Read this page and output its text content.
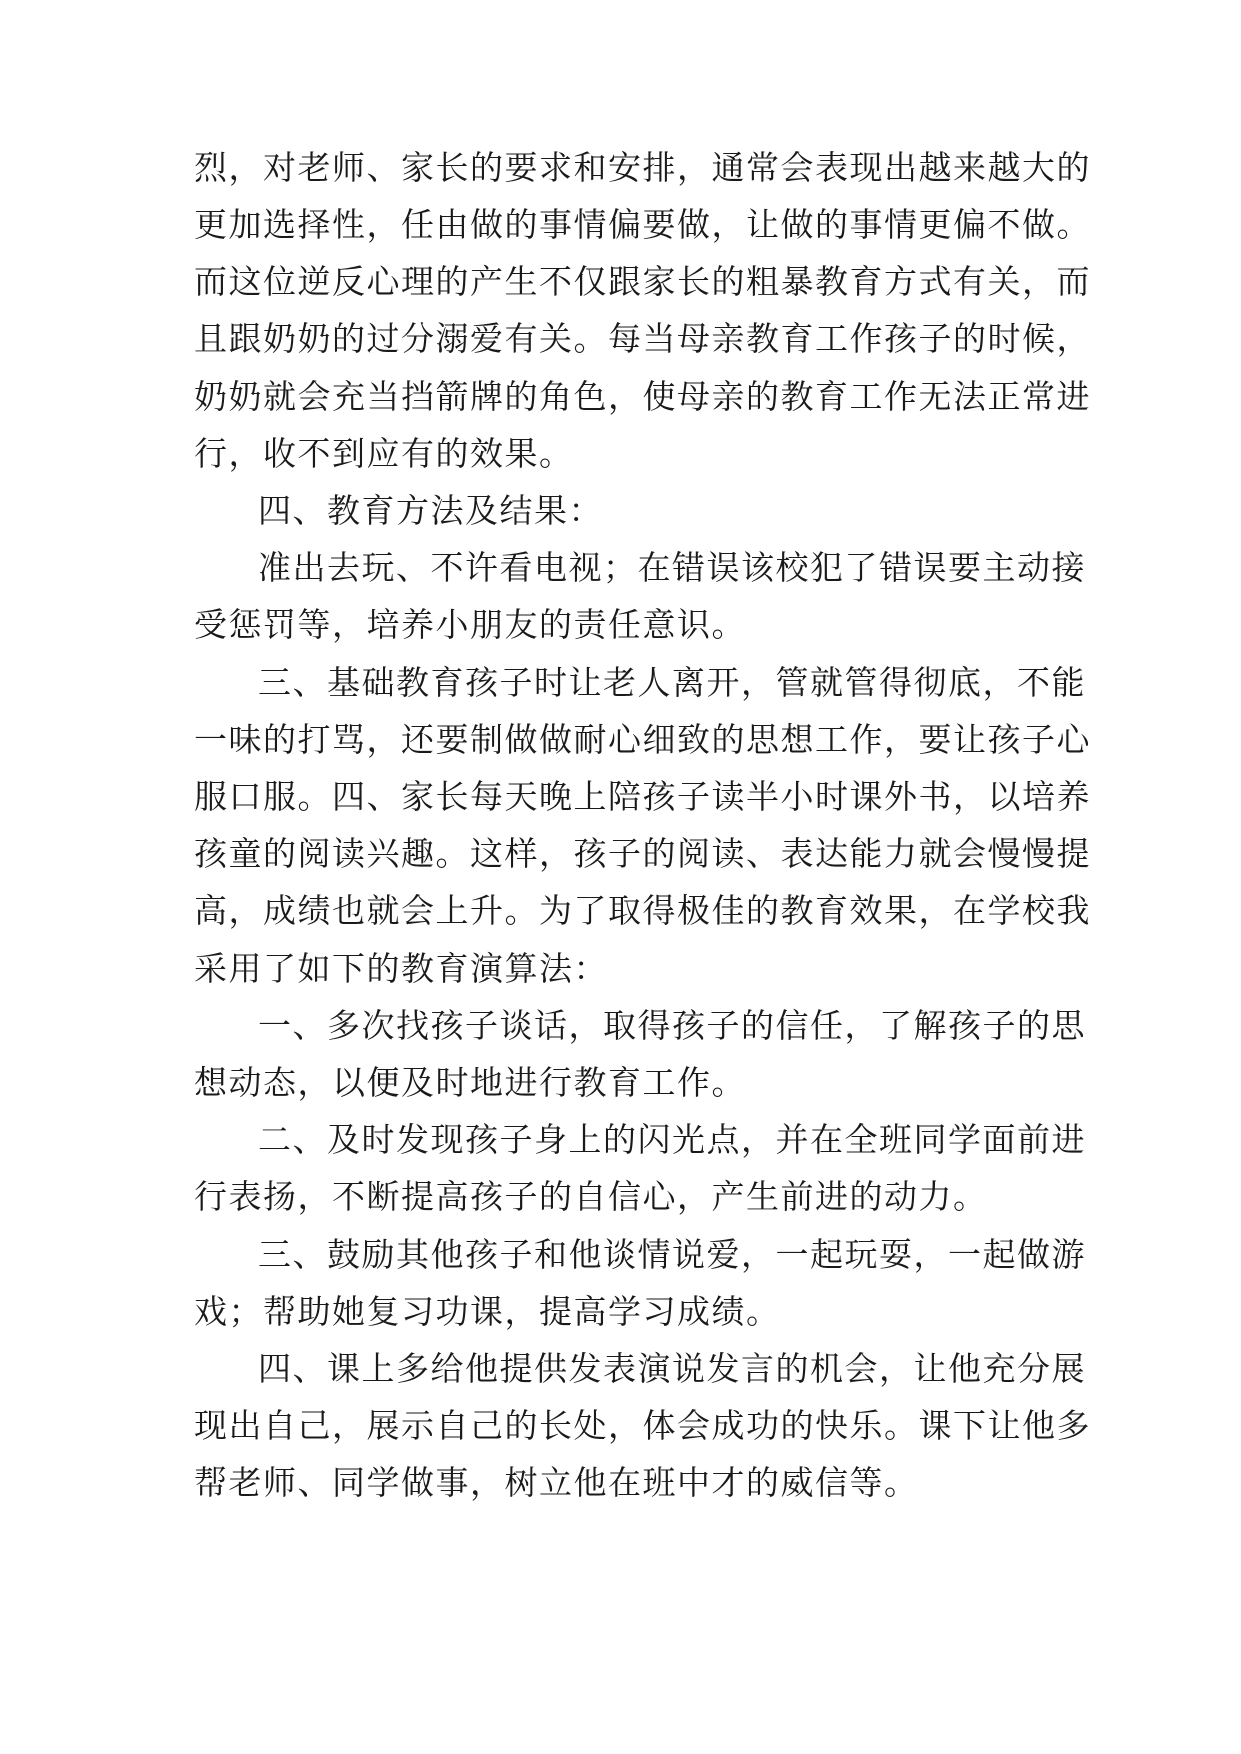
烈，对老师、家长的要求和安排，通常会表现出越来越大的
更加选择性，任由做的事情偏要做，让做的事情更偏不做。
而这位逆反心理的产生不仅跟家长的粗暴教育方式有关，而
且跟奶奶的过分溺爱有关。每当母亲教育工作孩子的时候，
奶奶就会充当挡箭牌的角色，使母亲的教育工作无法正常进
行，收不到应有的效果。
四、教育方法及结果：
准出去玩、不许看电视；在错误该校犯了错误要主动接
受惩罚等，培养小朋友的责任意识。
三、基础教育孩子时让老人离开，管就管得彻底，不能
一味的打骂，还要制做做耐心细致的思想工作，要让孩子心
服口服。四、家长每天晚上陪孩子读半小时课外书，以培养
孩童的阅读兴趣。这样，孩子的阅读、表达能力就会慢慢提
高，成绩也就会上升。为了取得极佳的教育效果，在学校我
采用了如下的教育演算法：
一、多次找孩子谈话，取得孩子的信任，了解孩子的思
想动态，以便及时地进行教育工作。
二、及时发现孩子身上的闪光点，并在全班同学面前进
行表扬，不断提高孩子的自信心，产生前进的动力。
三、鼓励其他孩子和他谈情说爱，一起玩耍，一起做游
戏；帮助她复习功课，提高学习成绩。
四、课上多给他提供发表演说发言的机会，让他充分展
现出自己，展示自己的长处，体会成功的快乐。课下让他多
帮老师、同学做事，树立他在班中才的威信等。
